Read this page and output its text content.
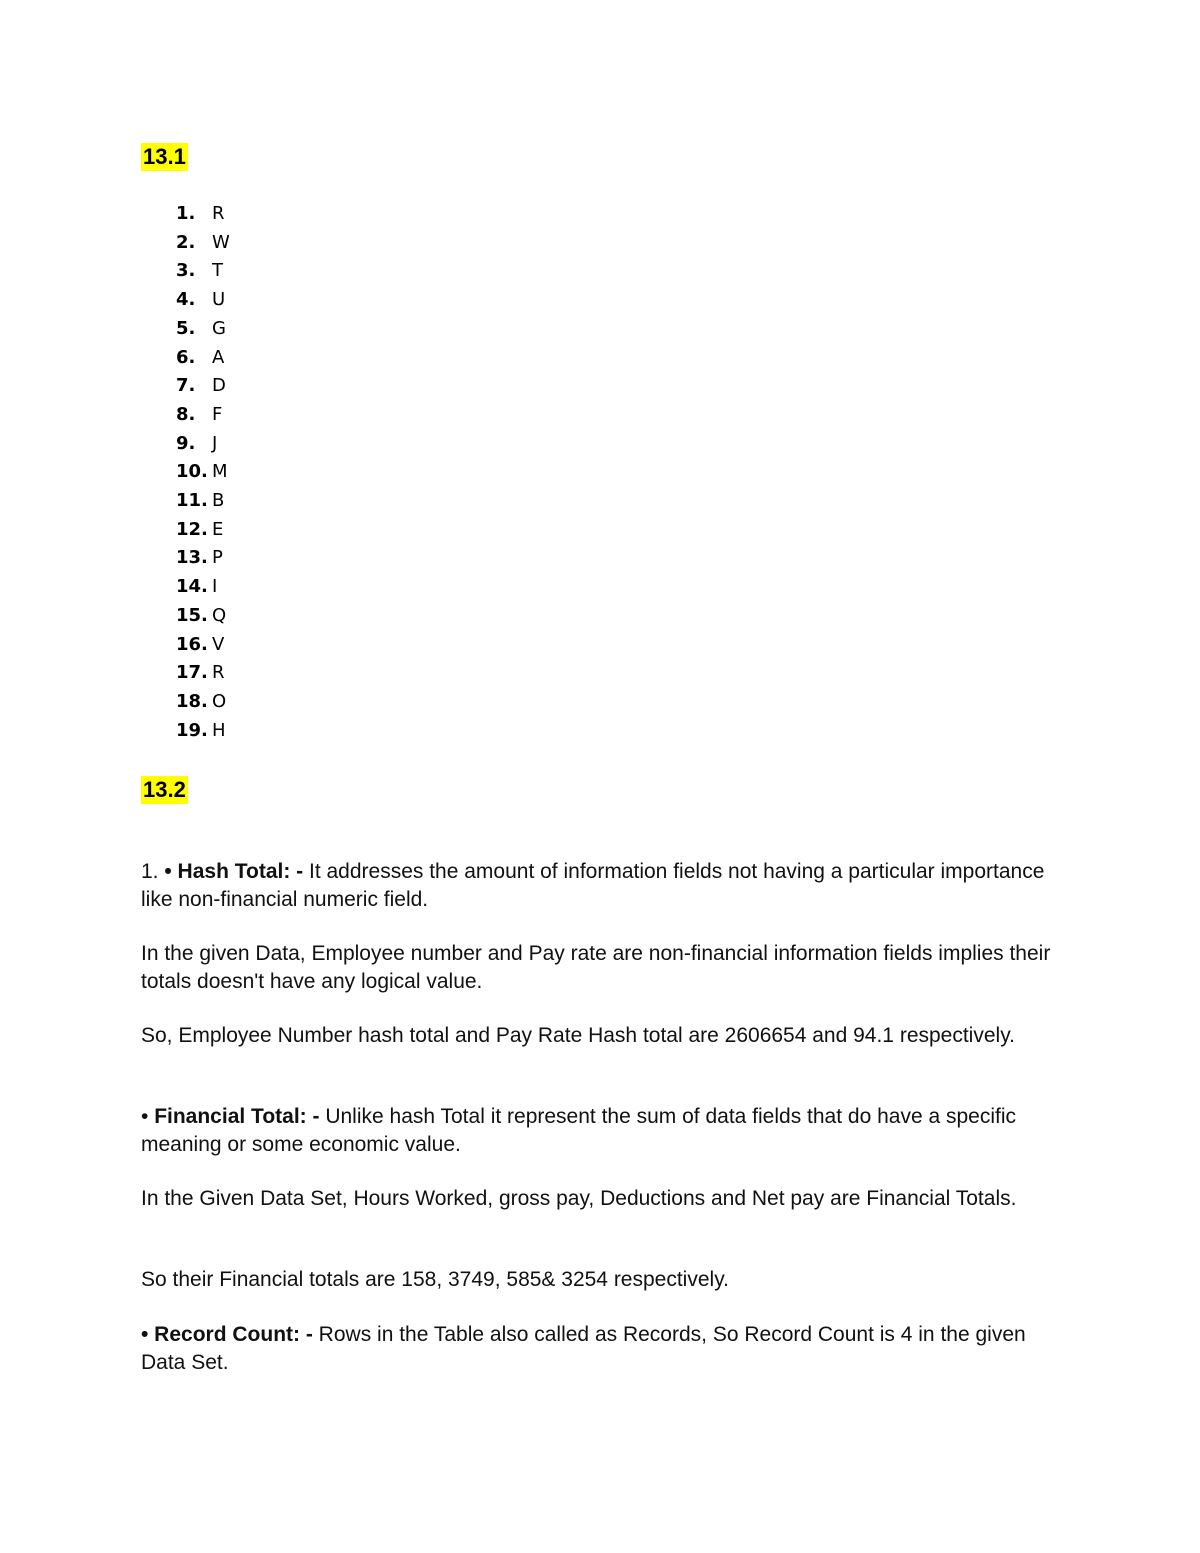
13.1
1. R
2. W
3. T
4. U
5. G
6. A
7. D
8. F
9. J
10. M
11. B
12. E
13. P
14. I
15. Q
16. V
17. R
18. O
19. H
13.2
1. • Hash Total: - It addresses the amount of information fields not having a particular importance like non-financial numeric field.
In the given Data, Employee number and Pay rate are non-financial information fields implies their totals doesn't have any logical value.
So, Employee Number hash total and Pay Rate Hash total are 2606654 and 94.1 respectively.
• Financial Total: - Unlike hash Total it represent the sum of data fields that do have a specific meaning or some economic value.
In the Given Data Set, Hours Worked, gross pay, Deductions and Net pay are Financial Totals.
So their Financial totals are 158, 3749, 585& 3254 respectively.
• Record Count: - Rows in the Table also called as Records, So Record Count is 4 in the given Data Set.
